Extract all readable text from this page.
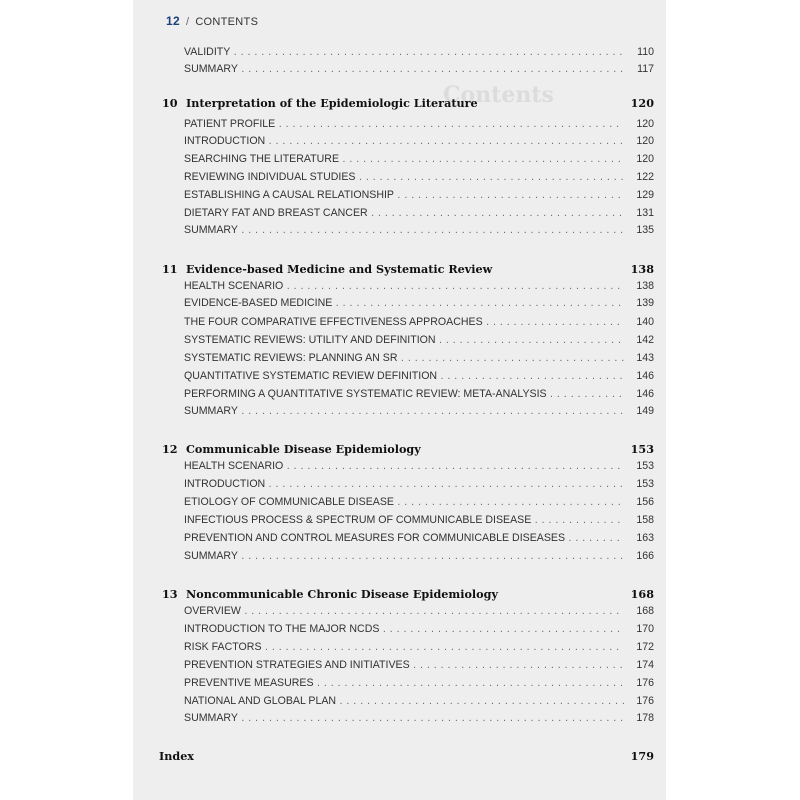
Contents
12 / CONTENTS
VALIDITY . . .	110
SUMMARY . . .	117
10 Interpretation of the Epidemiologic Literature	120
PATIENT PROFILE . . .	120
INTRODUCTION . . .	120
SEARCHING THE LITERATURE . . .	120
REVIEWING INDIVIDUAL STUDIES . . .	122
ESTABLISHING A CAUSAL RELATIONSHIP . . .	129
DIETARY FAT AND BREAST CANCER . . .	131
SUMMARY . . .	135
11 Evidence-based Medicine and Systematic Review	138
HEALTH SCENARIO . . .	138
EVIDENCE-BASED MEDICINE . . .	139
THE FOUR COMPARATIVE EFFECTIVENESS APPROACHES . . .	140
SYSTEMATIC REVIEWS: UTILITY AND DEFINITION . . .	142
SYSTEMATIC REVIEWS: PLANNING AN SR . . .	143
QUANTITATIVE SYSTEMATIC REVIEW DEFINITION . . .	146
PERFORMING A QUANTITATIVE SYSTEMATIC REVIEW: META-ANALYSIS . . .	146
SUMMARY . . .	149
12 Communicable Disease Epidemiology	153
HEALTH SCENARIO . . .	153
INTRODUCTION . . .	153
ETIOLOGY OF COMMUNICABLE DISEASE . . .	156
INFECTIOUS PROCESS & SPECTRUM OF COMMUNICABLE DISEASE . . .	158
PREVENTION AND CONTROL MEASURES FOR COMMUNICABLE DISEASES . . .	163
SUMMARY . . .	166
13 Noncommunicable Chronic Disease Epidemiology	168
OVERVIEW . . .	168
INTRODUCTION TO THE MAJOR NCDS . . .	170
RISK FACTORS . . .	172
PREVENTION STRATEGIES AND INITIATIVES . . .	174
PREVENTIVE MEASURES . . .	176
NATIONAL AND GLOBAL PLAN . . .	176
SUMMARY . . .	178
Index	179
